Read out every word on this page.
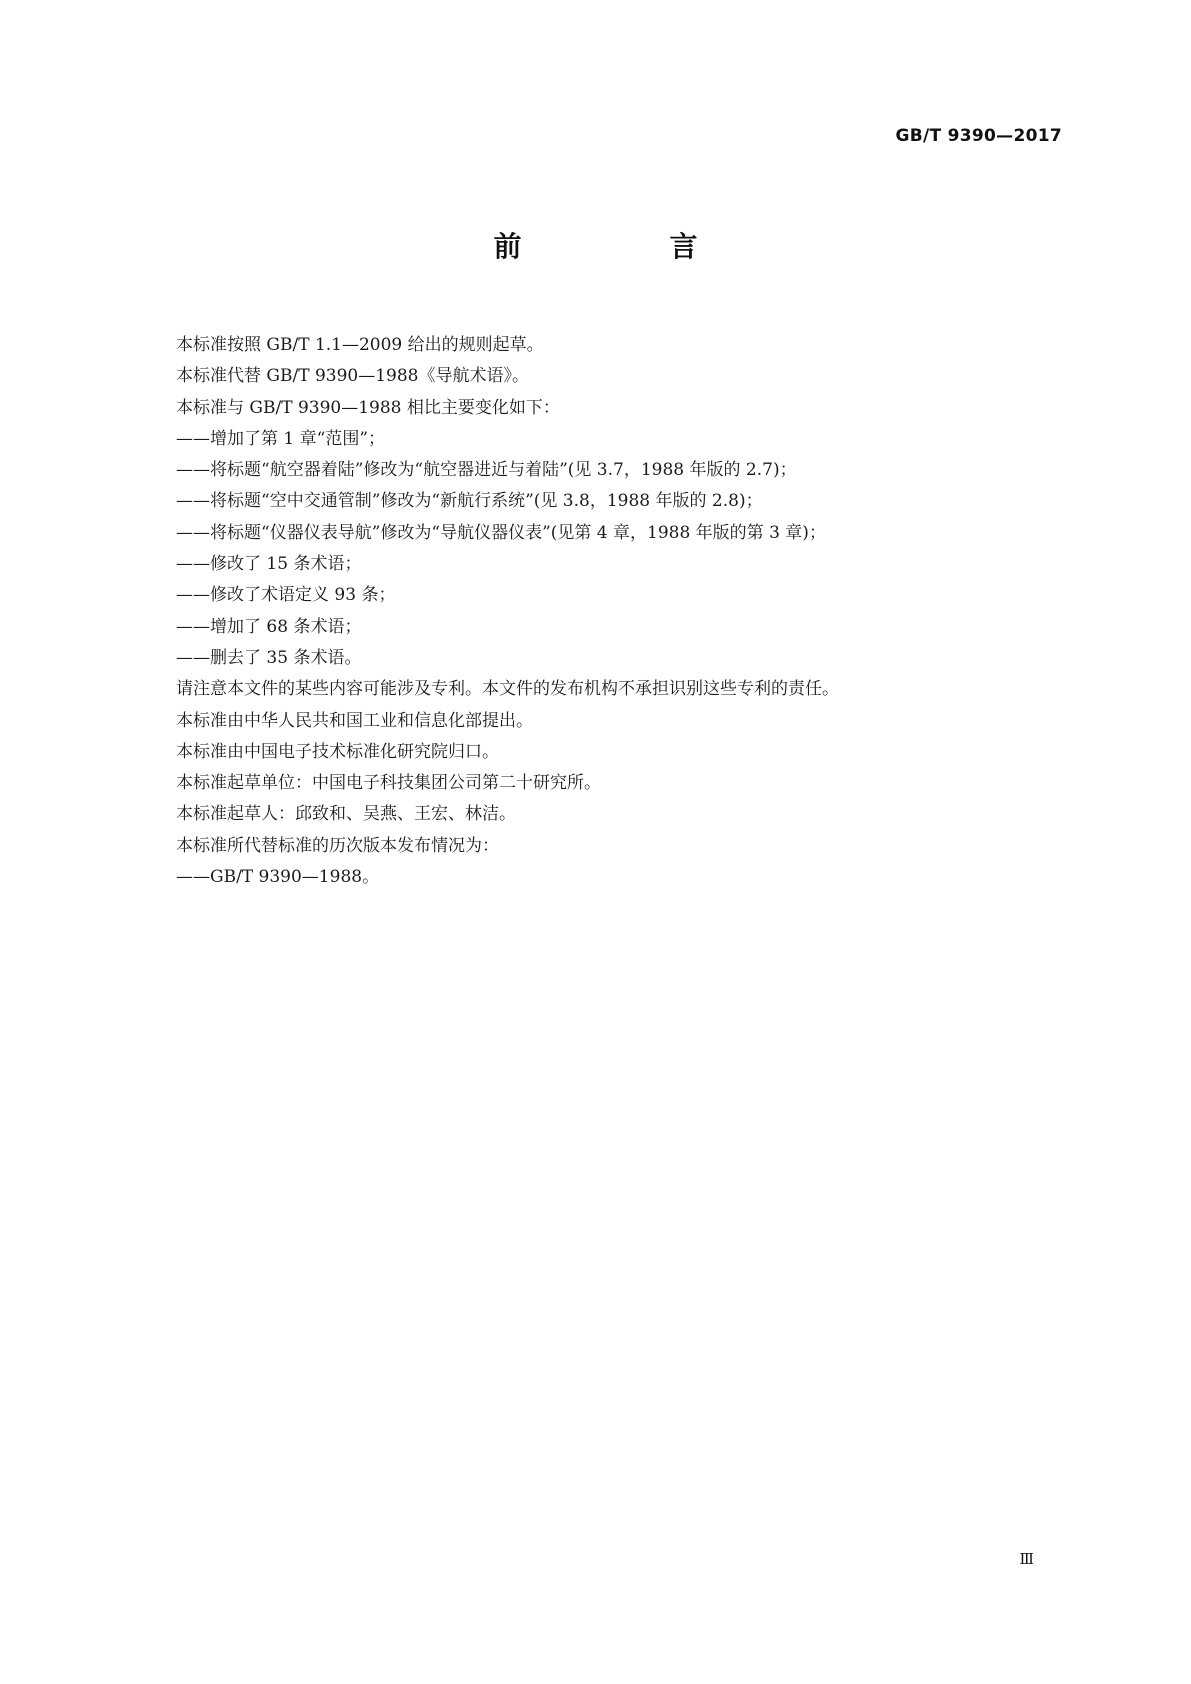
GB/T 9390—2017
前　言
本标准按照 GB/T 1.1—2009 给出的规则起草。
本标准代替 GB/T 9390—1988《导航术语》。
本标准与 GB/T 9390—1988 相比主要变化如下：
——增加了第 1 章“范围”；
——将标题“航空器着陆”修改为“航空器进近与着陆”(见 3.7，1988 年版的 2.7)；
——将标题“空中交通管制”修改为“新航行系统”(见 3.8，1988 年版的 2.8)；
——将标题“仪器仪表导航”修改为“导航仪器仪表”(见第 4 章，1988 年版的第 3 章)；
——修改了 15 条术语；
——修改了术语定义 93 条；
——增加了 68 条术语；
——删去了 35 条术语。
请注意本文件的某些内容可能涉及专利。本文件的发布机构不承担识别这些专利的责任。
本标准由中华人民共和国工业和信息化部提出。
本标准由中国电子技术标准化研究院归口。
本标准起草单位：中国电子科技集团公司第二十研究所。
本标准起草人：邱致和、吴燕、王宏、林洁。
本标准所代替标准的历次版本发布情况为：
——GB/T 9390—1988。
Ⅲ
